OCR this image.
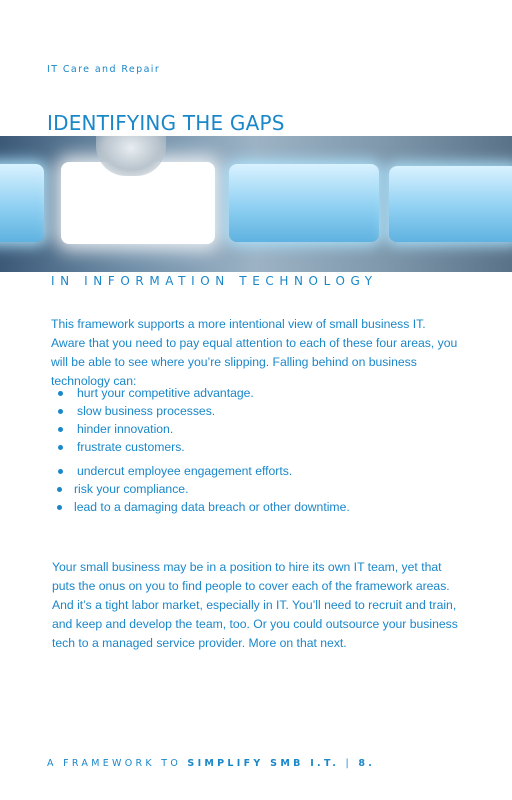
IT Care and Repair
IDENTIFYING THE GAPS
IN INFORMATION TECHNOLOGY

This framework supports a more intentional view of small business IT. Aware that you need to pay equal attention to each of these four areas, you will be able to see where you’re slipping. Falling behind on business technology can:

hurt your competitive advantage.
slow business processes.
hinder innovation.
frustrate customers.
undercut employee engagement efforts.
risk your compliance.
lead to a damaging data breach or other downtime.

Your small business may be in a position to hire its own IT team, yet that puts the onus on you to find people to cover each of the framework areas. And it’s a tight labor market, especially in IT. You’ll need to recruit and train, and keep and develop the team, too. Or you could outsource your business tech to a managed service provider. More on that next.

A FRAMEWORK TO SIMPLIFY SMB I.T. | 8.
